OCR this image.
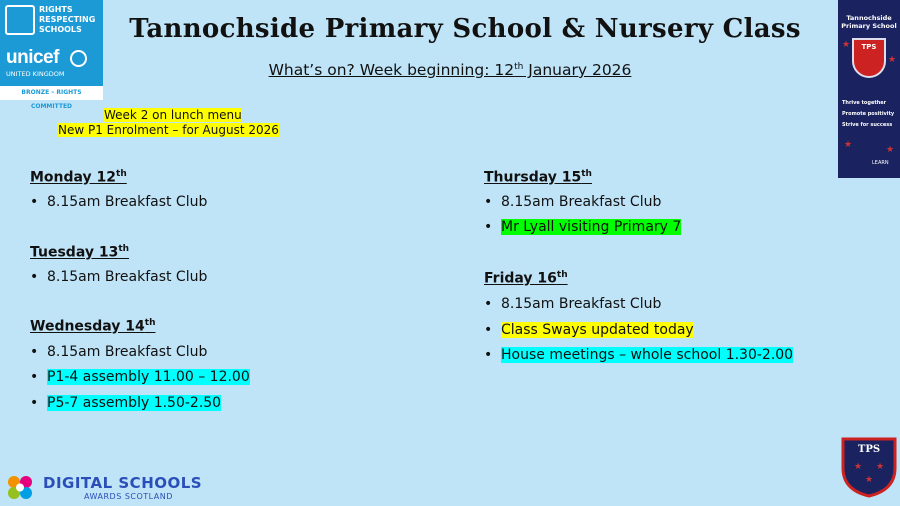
RIGHTS
RESPECTING
SCHOOLS
unicef
UNITED KINGDOM
BRONZE – RIGHTS COMMITTED
Tannochside Primary School & Nursery Class
What’s on? Week beginning: 12th January 2026
Week 2 on lunch menu
New P1 Enrolment – for August 2026
Monday 12th
• 8.15am Breakfast Club
Tuesday 13th
• 8.15am Breakfast Club
Wednesday 14th
• 8.15am Breakfast Club
• P1-4 assembly 11.00 – 12.00
• P5-7 assembly 1.50-2.50
Thursday 15th
• 8.15am Breakfast Club
• Mr Lyall visiting Primary 7
Friday 16th
• 8.15am Breakfast Club
• Class Sways updated today
• House meetings – whole school 1.30-2.00
★
★
★	★
Tannochside
Primary School
TPS
Thrive together
Promote positivity
Strive for success
LEARN
DIGITAL SCHOOLS
AWARDS SCOTLAND
TPS
★ ★
★
